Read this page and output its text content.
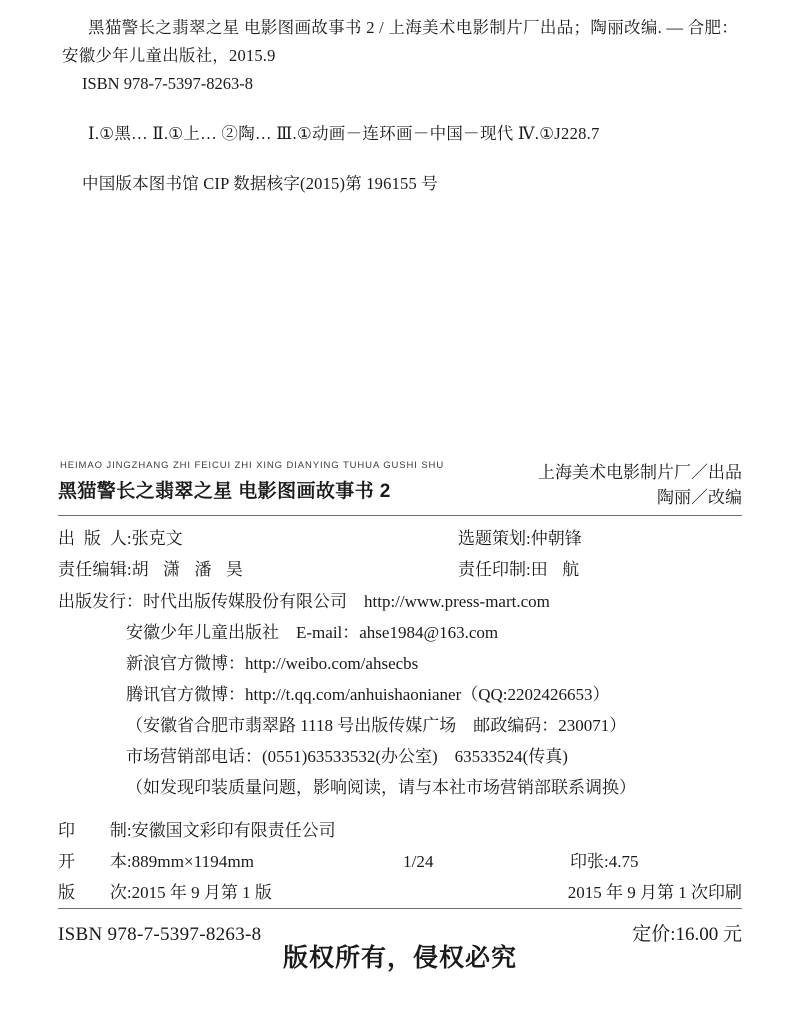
黑猫警长之翡翠之星 电影图画故事书 2 / 上海美术电影制片厂出品；陶丽改编. — 合肥：安徽少年儿童出版社，2015.9
ISBN 978-7-5397-8263-8
Ⅰ.①黑… Ⅱ.①上… ②陶… Ⅲ.①动画－连环画－中国－现代 Ⅳ.①J228.7
中国版本图书馆 CIP 数据核字(2015)第 196155 号
HEIMAO JINGZHANG ZHI FEICUI ZHI XING DIANYING TUHUA GUSHI SHU
黑猫警长之翡翠之星 电影图画故事书 2
上海美术电影制片厂／出品
陶丽／改编
出版人:张克文	选题策划:仲朝锋
责任编辑:胡 潇 潘 昊	责任印制:田 航
出版发行：时代出版传媒股份有限公司　http://www.press-mart.com
安徽少年儿童出版社　E-mail：ahse1984@163.com
新浪官方微博：http://weibo.com/ahsecbs
腾讯官方微博：http://t.qq.com/anhuishaonianer（QQ:2202426653）
（安徽省合肥市翡翠路 1118 号出版传媒广场　邮政编码：230071）
市场营销部电话：(0551)63533532(办公室)　63533524(传真)
（如发现印装质量问题，影响阅读，请与本社市场营销部联系调换）
印制:安徽国文彩印有限责任公司
开本:889mm×1194mm	1/24	印张:4.75
版次:2015 年 9 月第 1 版	2015 年 9 月第 1 次印刷
ISBN 978-7-5397-8263-8	定价:16.00 元
版权所有，侵权必究
